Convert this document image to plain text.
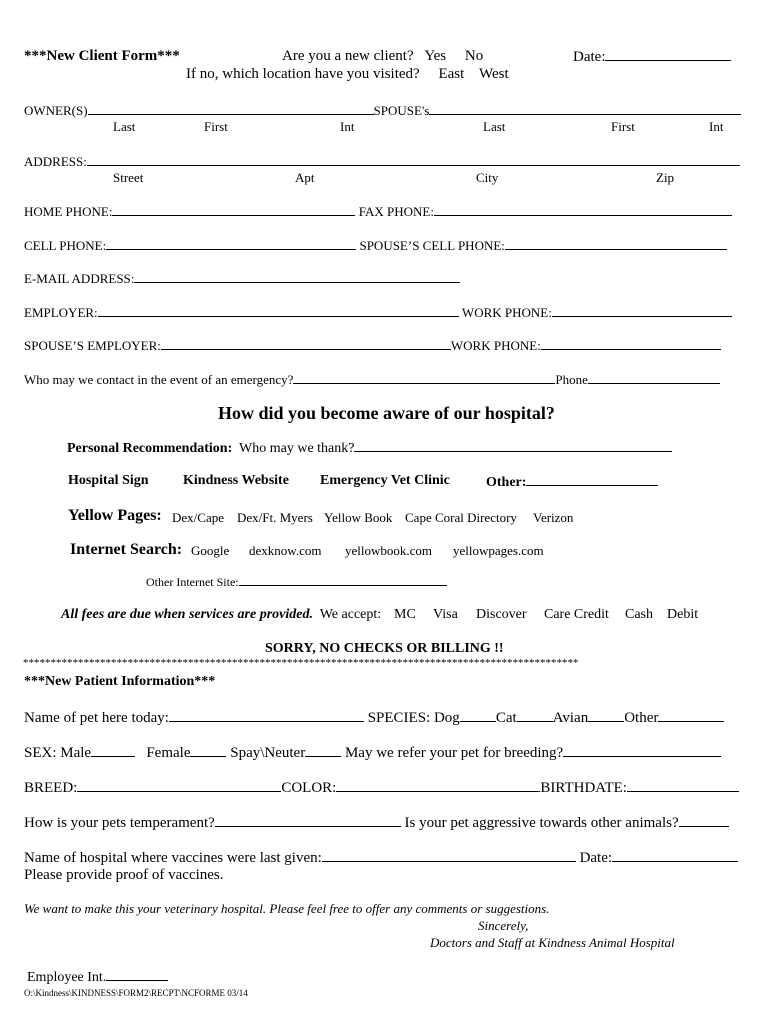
***New Client Form***	Are you a new client? Yes No	Date:
If no, which location have you visited? East West
OWNER(S)	SPOUSE's
Last	First	Int	Last	First	Int
ADDRESS:
Street	Apt	City	Zip
HOME PHONE:	FAX PHONE:
CELL PHONE:	SPOUSE’S CELL PHONE:
E-MAIL ADDRESS:
EMPLOYER:	WORK PHONE:
SPOUSE’S EMPLOYER:	WORK PHONE:
Who may we contact in the event of an emergency?	Phone
How did you become aware of our hospital?
Personal Recommendation: Who may we thank?
Hospital Sign Kindness Website Emergency Vet Clinic	Other:
Yellow Pages: Dex/Cape Dex/Ft. Myers Yellow Book Cape Coral Directory Verizon
Internet Search: Google dexknow.com yellowbook.com yellowpages.com
Other Internet Site:
All fees are due when services are provided. We accept: MC Visa Discover Care Credit Cash Debit
SORRY, NO CHECKS OR BILLING !!
*****************************************************************************************************
***New Patient Information***
Name of pet here today:	SPECIES: Dog Cat Avian Other
SEX: Male	Female	Spay\Neuter	May we refer your pet for breeding?
BREED:	COLOR:	BIRTHDATE:
How is your pets temperament?	Is your pet aggressive towards other animals?
Name of hospital where vaccines were last given:	Date:
Please provide proof of vaccines.
We want to make this your veterinary hospital. Please feel free to offer any comments or suggestions.
Sincerely,
Doctors and Staff at Kindness Animal Hospital
Employee Int.
O:\Kindness\KINDNESS\FORM2\RECPT\NCFORME 03/14
